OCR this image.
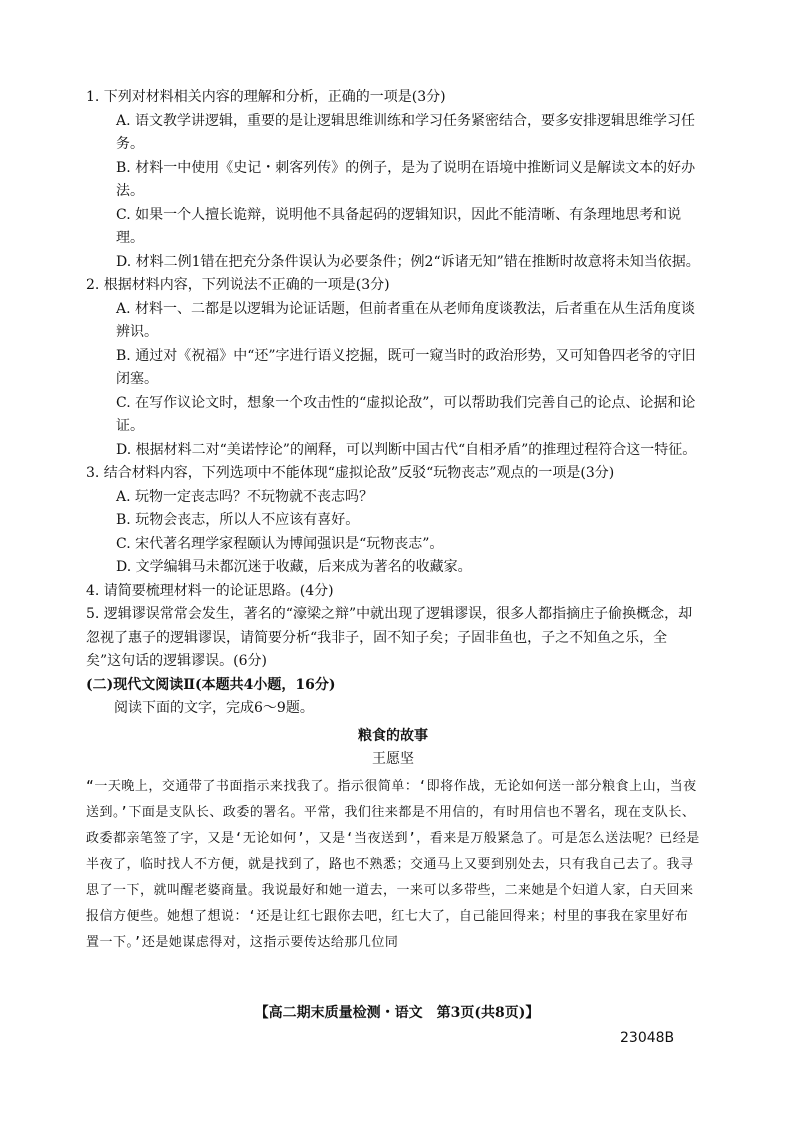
1. 下列对材料相关内容的理解和分析，正确的一项是(3分)
A. 语文教学讲逻辑，重要的是让逻辑思维训练和学习任务紧密结合，要多安排逻辑思维学习任务。
B. 材料一中使用《史记・刺客列传》的例子，是为了说明在语境中推断词义是解读文本的好办法。
C. 如果一个人擅长诡辩，说明他不具备起码的逻辑知识，因此不能清晰、有条理地思考和说理。
D. 材料二例1错在把充分条件误认为必要条件；例2“诉诸无知”错在推断时故意将未知当依据。
2. 根据材料内容，下列说法不正确的一项是(3分)
A. 材料一、二都是以逻辑为论证话题，但前者重在从老师角度谈教法，后者重在从生活角度谈辨识。
B. 通过对《祝福》中“还”字进行语义挖掘，既可一窥当时的政治形势，又可知鲁四老爷的守旧闭塞。
C. 在写作议论文时，想象一个攻击性的“虚拟论敌”，可以帮助我们完善自己的论点、论据和论证。
D. 根据材料二对“美诺悖论”的阐释，可以判断中国古代“自相矛盾”的推理过程符合这一特征。
3. 结合材料内容，下列选项中不能体现“虚拟论敌”反驳“玩物丧志”观点的一项是(3分)
A. 玩物一定丧志吗？不玩物就不丧志吗？
B. 玩物会丧志，所以人不应该有喜好。
C. 宋代著名理学家程颐认为博闻强识是“玩物丧志”。
D. 文学编辑马未都沉迷于收藏，后来成为著名的收藏家。
4. 请简要梳理材料一的论证思路。(4分)
5. 逻辑谬误常常会发生，著名的“濠梁之辩”中就出现了逻辑谬误，很多人都指摘庄子偷换概念，却忽视了惠子的逻辑谬误，请简要分析“我非子，固不知子矣；子固非鱼也，子之不知鱼之乐，全矣”这句话的逻辑谬误。(6分)
(二)现代文阅读Ⅱ(本题共4小题，16分)
阅读下面的文字，完成6～9题。
粮食的故事
王愿坚

“一天晚上，交通带了书面指示来找我了。指示很简单：‘即将作战，无论如何送一部分粮食上山，当夜送到。’下面是支队长、政委的署名。平常，我们往来都是不用信的，有时用信也不署名，现在支队长、政委都亲笔签了字，又是‘无论如何’，又是‘当夜送到’，看来是万般紧急了。可是怎么送法呢？已经是半夜了，临时找人不方便，就是找到了，路也不熟悉；交通马上又要到别处去，只有我自己去了。我寻思了一下，就叫醒老婆商量。我说最好和她一道去，一来可以多带些，二来她是个妇道人家，白天回来报信方便些。她想了想说：‘还是让红七跟你去吧，红七大了，自己能回得来；村里的事我在家里好布置一下。’还是她谋虑得对，这指示要传达给那几位同

【高二期末质量检测・语文　第3页(共8页)】
23048B
